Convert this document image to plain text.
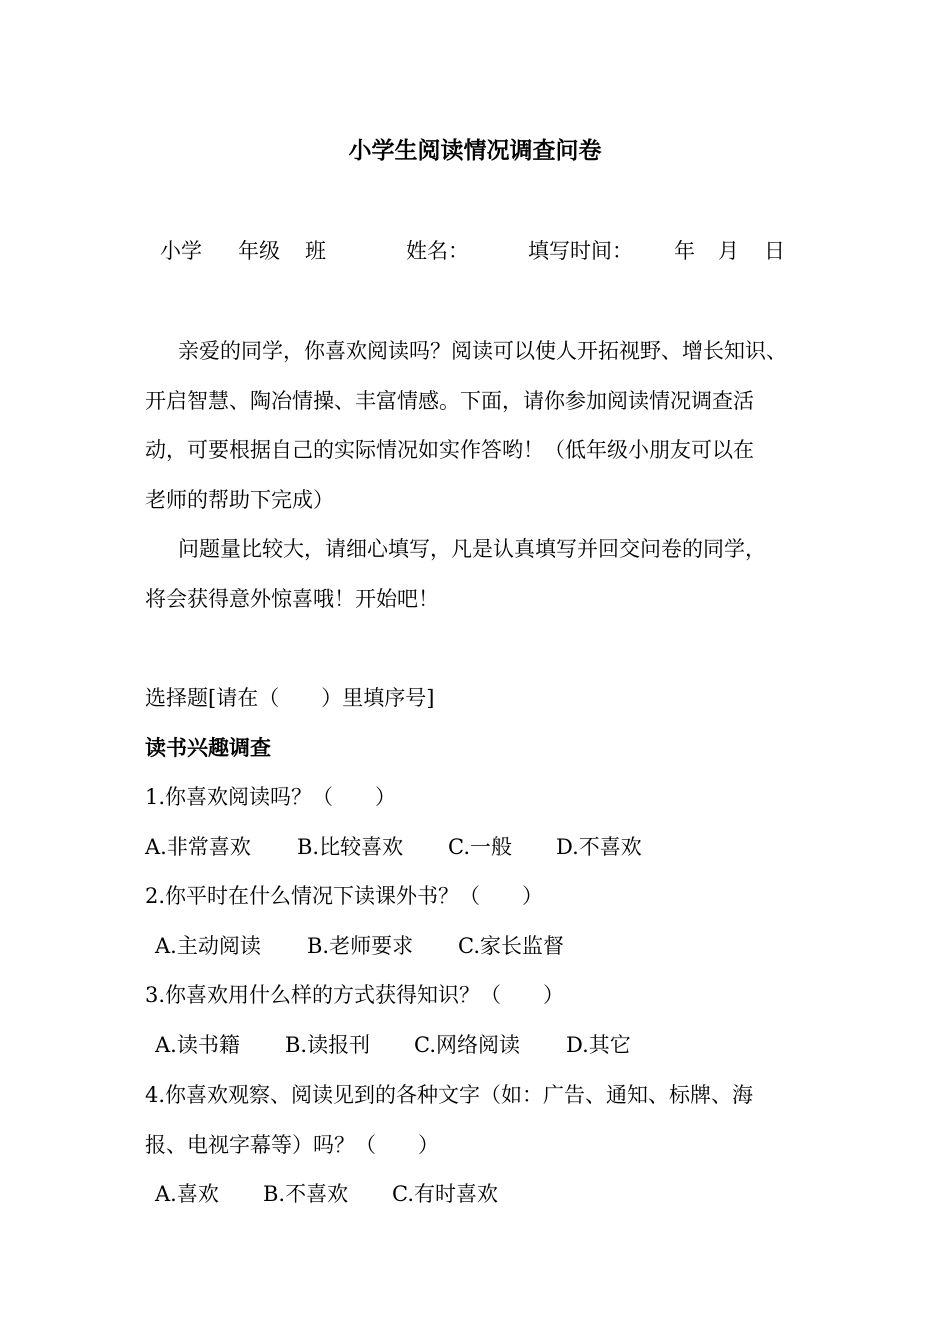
小学生阅读情况调查问卷
小学 年级 班	姓名：	填写时间： 年 月 日
亲爱的同学，你喜欢阅读吗？阅读可以使人开拓视野、增长知识、
开启智慧、陶冶情操、丰富情感。下面，请你参加阅读情况调查活
动，可要根据自己的实际情况如实作答哟！（低年级小朋友可以在
老师的帮助下完成）
问题量比较大，请细心填写，凡是认真填写并回交问卷的同学，
将会获得意外惊喜哦！开始吧！
选择题[请在（　　）里填序号]
读书兴趣调查
1.你喜欢阅读吗？（　　）
A.非常喜欢 B.比较喜欢 C.一般 D.不喜欢
2.你平时在什么情况下读课外书？（　　）
A.主动阅读 B.老师要求 C.家长监督
3.你喜欢用什么样的方式获得知识？（　　）
A.读书籍 B.读报刊 C.网络阅读 D.其它
4.你喜欢观察、阅读见到的各种文字（如：广告、通知、标牌、海
报、电视字幕等）吗？（　　）
A.喜欢 B.不喜欢 C.有时喜欢
